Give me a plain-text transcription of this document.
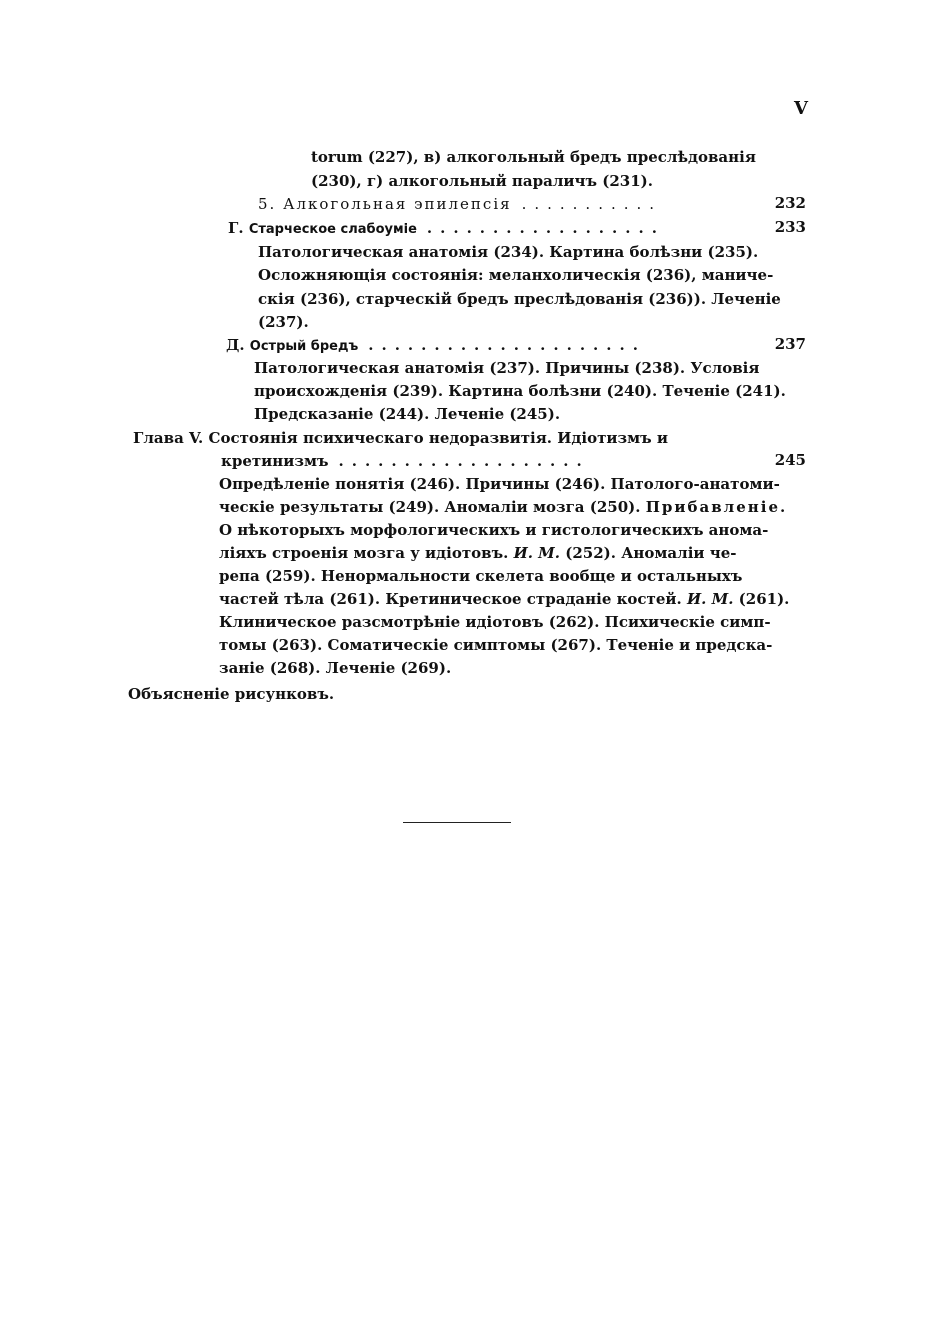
V
torum (227), в) алкогольный бредъ преслѣдованія
(230), г) алкогольный параличъ (231).
5. Алкогольная эпилепсія ...........	232
Г. Старческое слабоуміе ..................	233
Патологическая анатомія (234). Картина болѣзни (235).
Осложняющія состоянія: меланхолическія (236), маниче-
скія (236), старческій бредъ преслѣдованія (236)). Леченіе
(237).
Д. Острый бредъ .....................	237
Патологическая анатомія (237). Причины (238). Условія
происхожденія (239). Картина болѣзни (240). Теченіе (241).
Предсказаніе (244). Леченіе (245).
Глава V. Состоянія психическаго недоразвитія. Идіотизмъ и
кретинизмъ ...................	245
Опредѣленіе понятія (246). Причины (246). Патолого-анатоми-
ческіе результаты (249). Аномаліи мозга (250). Прибавленіе.
О нѣкоторыхъ морфологическихъ и гистологическихъ анома-
ліяхъ строенія мозга у идіотовъ. И. М. (252). Аномаліи че-
репа (259). Ненормальности скелета вообще и остальныхъ
частей тѣла (261). Кретиническое страданіе костей. И. М. (261).
Клиническое разсмотрѣніе идіотовъ (262). Психическіе симп-
томы (263). Соматическіе симптомы (267). Теченіе и предска-
заніе (268). Леченіе (269).
Объясненіе рисунковъ.
